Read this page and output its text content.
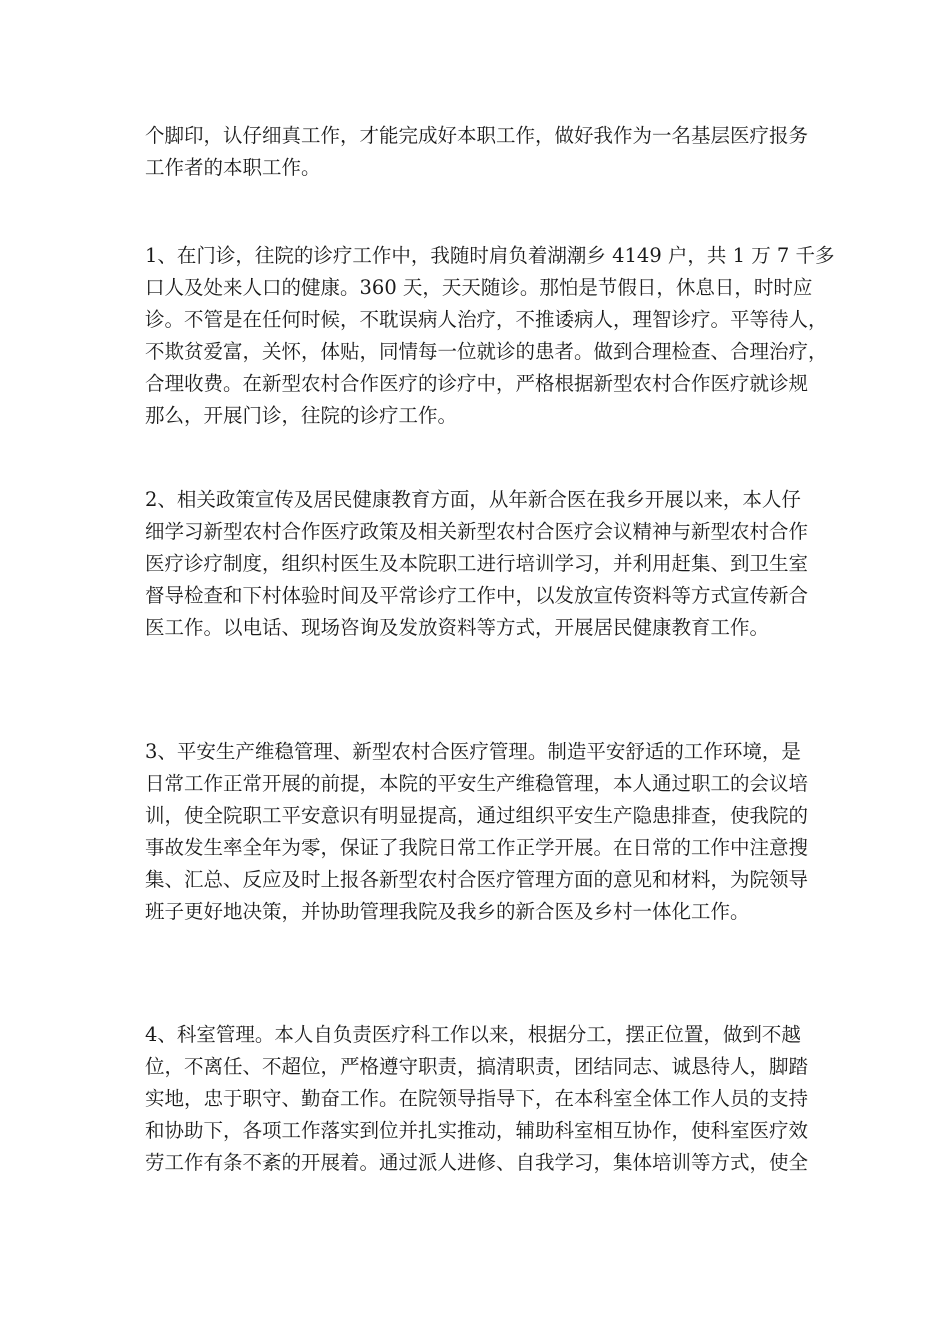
个脚印，认仔细真工作，才能完成好本职工作，做好我作为一名基层医疗报务
工作者的本职工作。
1、在门诊，往院的诊疗工作中，我随时肩负着湖潮乡 4149 户，共 1 万 7 千多
口人及处来人口的健康。360 天，天天随诊。那怕是节假日，休息日，时时应
诊。不管是在任何时候，不耽误病人治疗，不推诿病人，理智诊疗。平等待人，
不欺贫爱富，关怀，体贴，同情每一位就诊的患者。做到合理检查、合理治疗，
合理收费。在新型农村合作医疗的诊疗中，严格根据新型农村合作医疗就诊规
那么，开展门诊，往院的诊疗工作。
2、相关政策宣传及居民健康教育方面，从年新合医在我乡开展以来，本人仔
细学习新型农村合作医疗政策及相关新型农村合医疗会议精神与新型农村合作
医疗诊疗制度，组织村医生及本院职工进行培训学习，并利用赶集、到卫生室
督导检查和下村体验时间及平常诊疗工作中，以发放宣传资料等方式宣传新合
医工作。以电话、现场咨询及发放资料等方式，开展居民健康教育工作。
3、平安生产维稳管理、新型农村合医疗管理。制造平安舒适的工作环境，是
日常工作正常开展的前提，本院的平安生产维稳管理，本人通过职工的会议培
训，使全院职工平安意识有明显提高，通过组织平安生产隐患排查，使我院的
事故发生率全年为零，保证了我院日常工作正学开展。在日常的工作中注意搜
集、汇总、反应及时上报各新型农村合医疗管理方面的意见和材料，为院领导
班子更好地决策，并协助管理我院及我乡的新合医及乡村一体化工作。
4、科室管理。本人自负责医疗科工作以来，根据分工，摆正位置，做到不越
位，不离任、不超位，严格遵守职责，搞清职责，团结同志、诚恳待人，脚踏
实地，忠于职守、勤奋工作。在院领导指导下，在本科室全体工作人员的支持
和协助下，各项工作落实到位并扎实推动，辅助科室相互协作，使科室医疗效
劳工作有条不紊的开展着。通过派人进修、自我学习，集体培训等方式，使全
